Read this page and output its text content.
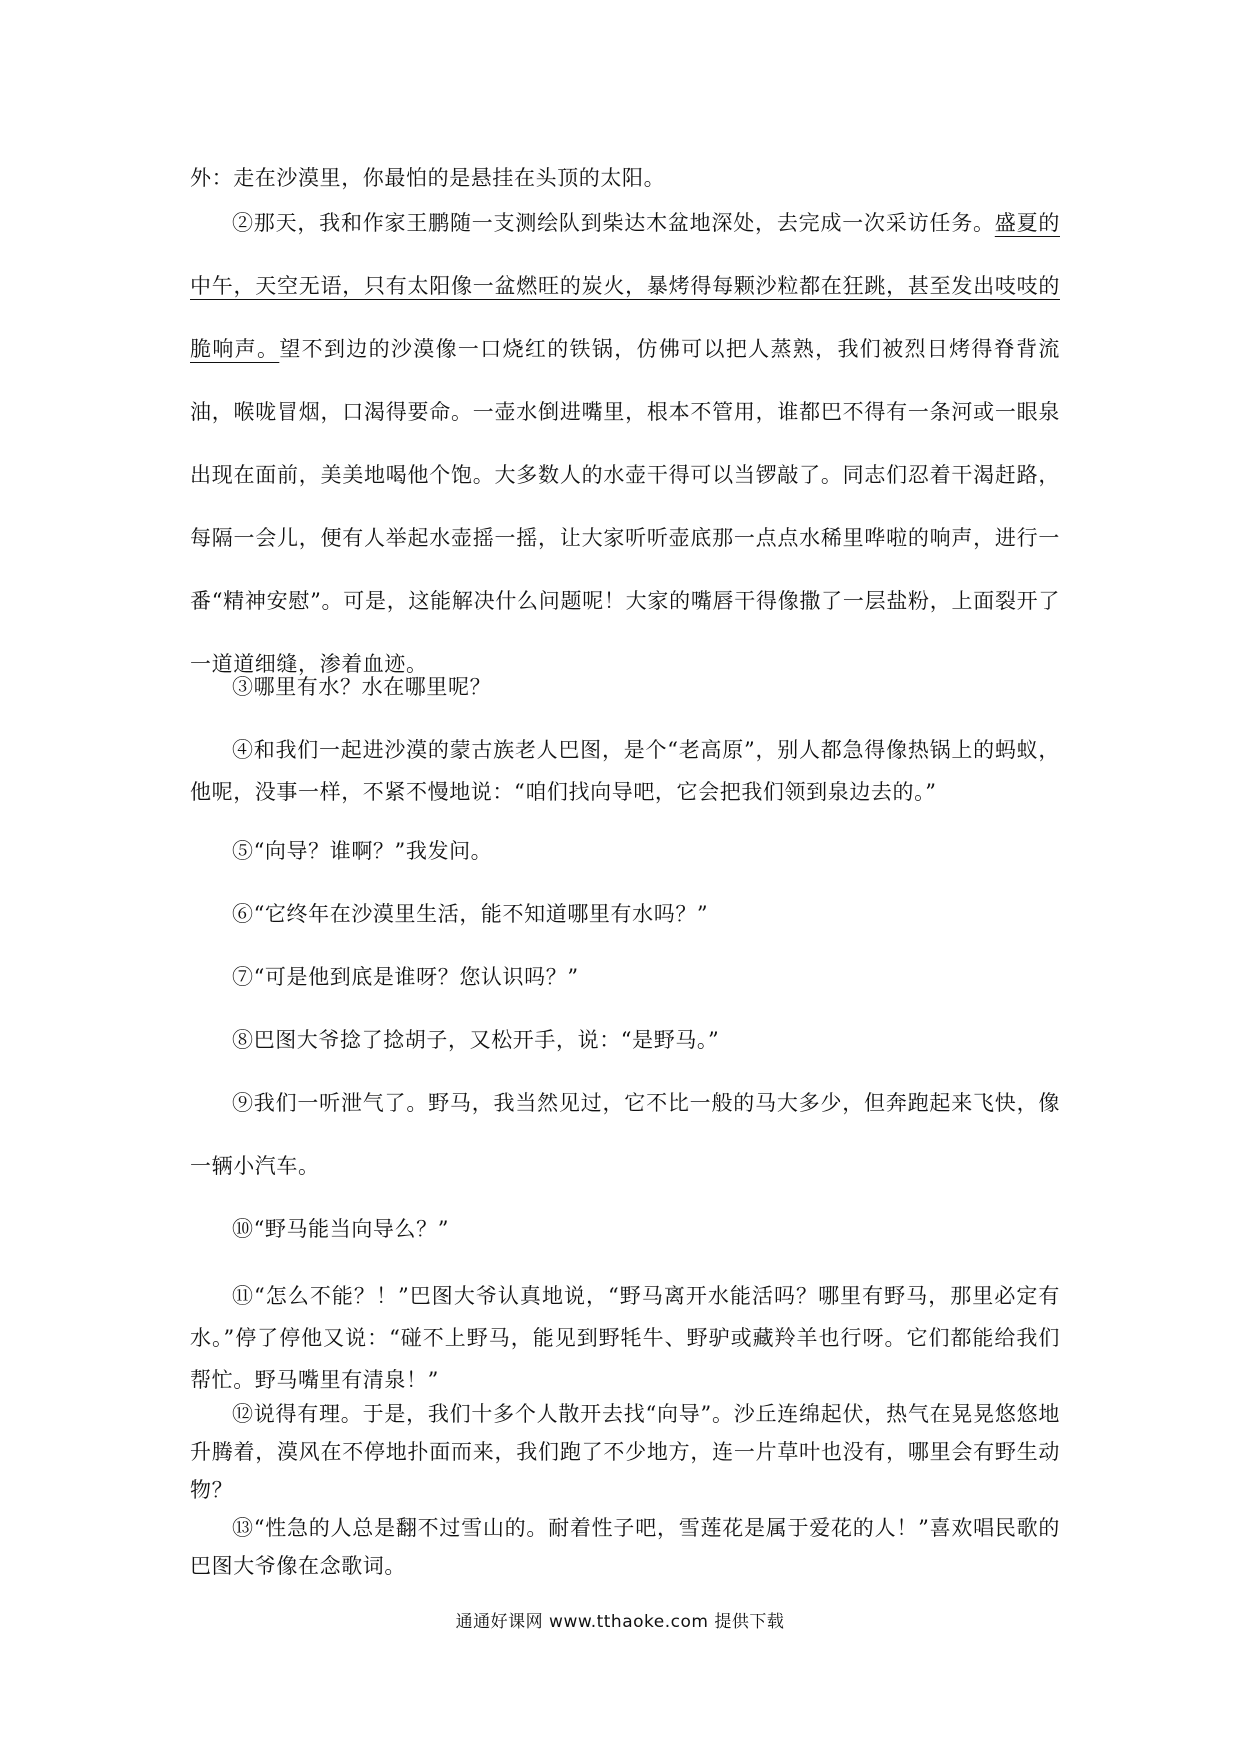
外：走在沙漠里，你最怕的是悬挂在头顶的太阳。

②那天，我和作家王鹏随一支测绘队到柴达木盆地深处，去完成一次采访任务。盛夏的中午，天空无语，只有太阳像一盆燃旺的炭火，暴烤得每颗沙粒都在狂跳，甚至发出吱吱的脆响声。望不到边的沙漠像一口烧红的铁锅，仿佛可以把人蒸熟，我们被烈日烤得脊背流油，喉咙冒烟，口渴得要命。一壶水倒进嘴里，根本不管用，谁都巴不得有一条河或一眼泉出现在面前，美美地喝他个饱。大多数人的水壶干得可以当锣敲了。同志们忍着干渴赶路，每隔一会儿，便有人举起水壶摇一摇，让大家听听壶底那一点点水稀里哗啦的响声，进行一番“精神安慰”。可是，这能解决什么问题呢！大家的嘴唇干得像撒了一层盐粉，上面裂开了一道道细缝，渗着血迹。

③哪里有水？水在哪里呢？

④和我们一起进沙漠的蒙古族老人巴图，是个“老高原”，别人都急得像热锅上的蚂蚁，他呢，没事一样，不紧不慢地说：“咱们找向导吧，它会把我们领到泉边去的。”

⑤“向导？谁啊？”我发问。

⑥“它终年在沙漠里生活，能不知道哪里有水吗？”

⑦“可是他到底是谁呀？您认识吗？”

⑧巴图大爷捻了捻胡子，又松开手，说：“是野马。”

⑨我们一听泄气了。野马，我当然见过，它不比一般的马大多少，但奔跑起来飞快，像一辆小汽车。

⑩“野马能当向导么？”

⑪“怎么不能？！”巴图大爷认真地说，“野马离开水能活吗？哪里有野马，那里必定有水。”停了停他又说：“碰不上野马，能见到野牦牛、野驴或藏羚羊也行呀。它们都能给我们帮忙。野马嘴里有清泉！”

⑫说得有理。于是，我们十多个人散开去找“向导”。沙丘连绵起伏，热气在晃晃悠悠地升腾着，漠风在不停地扑面而来，我们跑了不少地方，连一片草叶也没有，哪里会有野生动物？

⑬“性急的人总是翻不过雪山的。耐着性子吧，雪莲花是属于爱花的人！”喜欢唱民歌的巴图大爷像在念歌词。

通通好课网 www.tthaoke.com 提供下载
